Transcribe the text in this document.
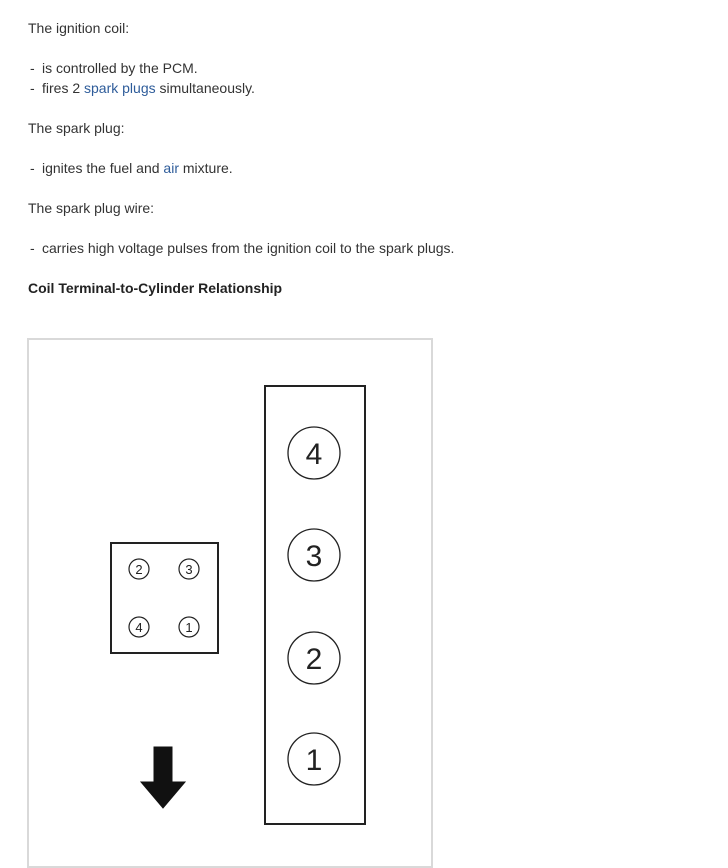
The ignition coil:

- is controlled by the PCM.

- fires 2 spark plugs simultaneously.

The spark plug:

- ignites the fuel and air mixture.

The spark plug wire:

- carries high voltage pulses from the ignition coil to the spark plugs.

Coil Terminal-to-Cylinder Relationship

2	3
4	1
4
3
2
1
